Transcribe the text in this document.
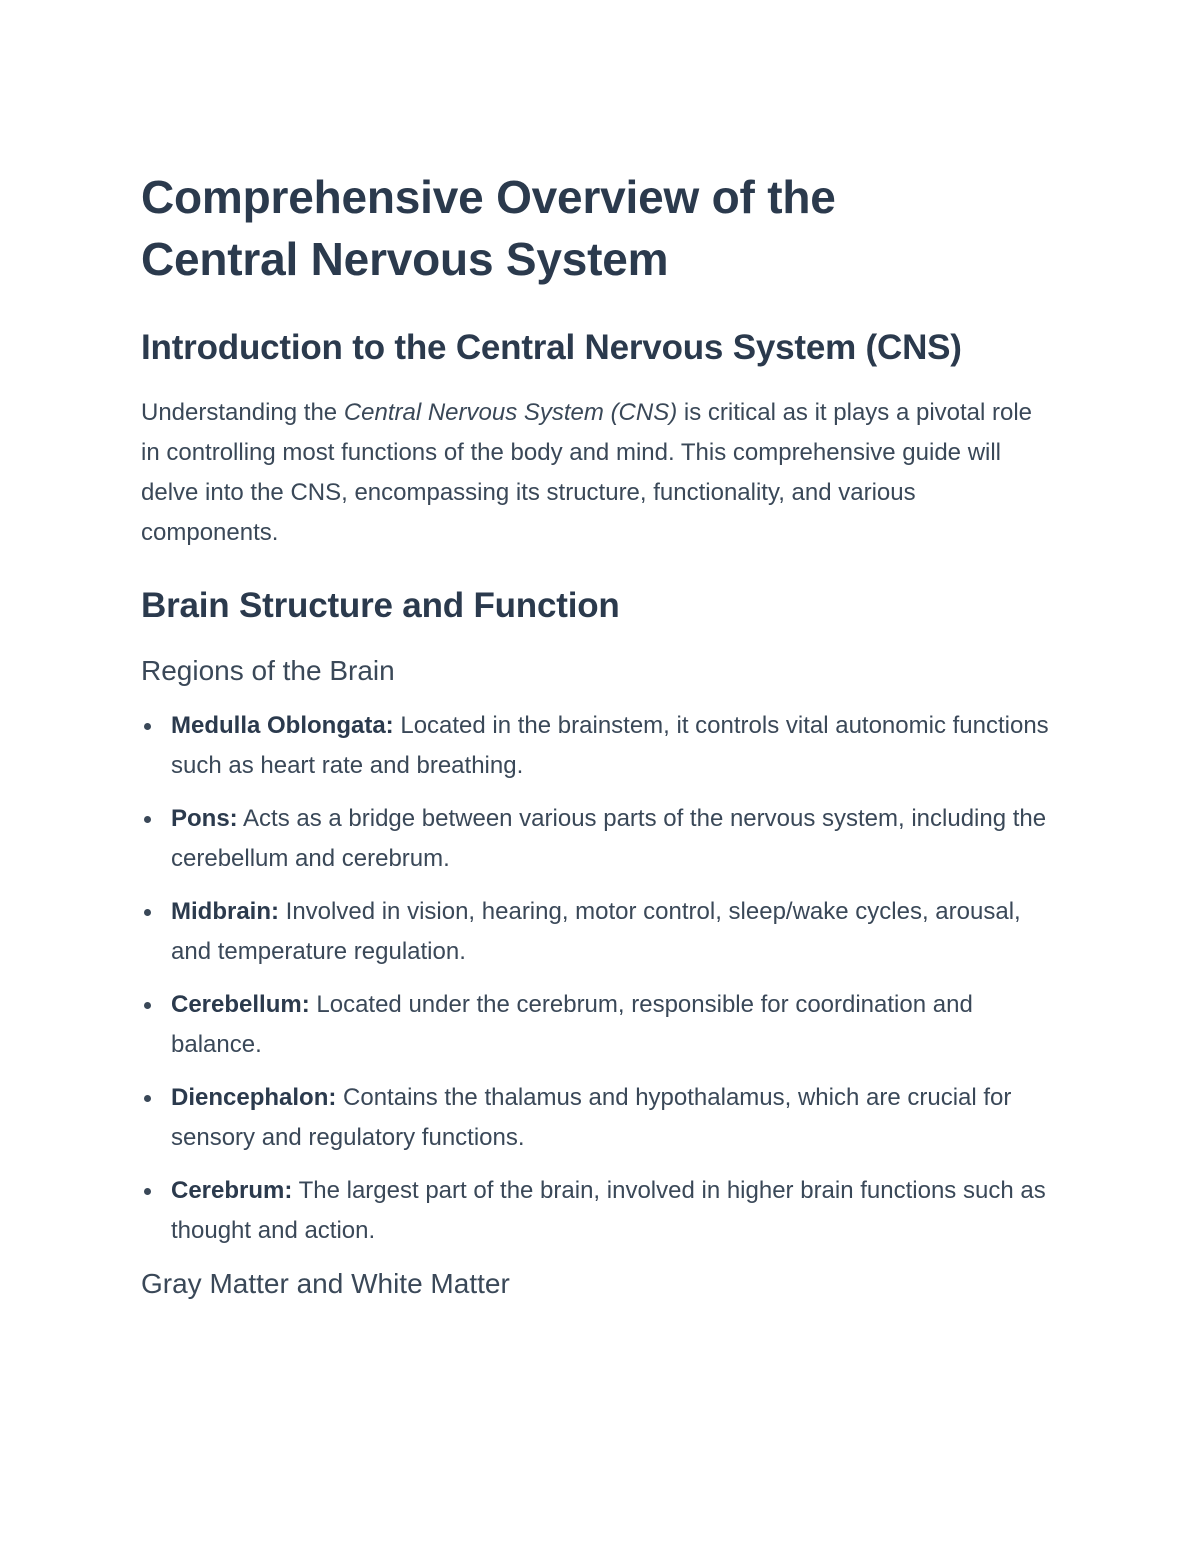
Comprehensive Overview of the Central Nervous System
Introduction to the Central Nervous System (CNS)

Understanding the Central Nervous System (CNS) is critical as it plays a pivotal role in controlling most functions of the body and mind. This comprehensive guide will delve into the CNS, encompassing its structure, functionality, and various components.

Brain Structure and Function
Regions of the Brain
Medulla Oblongata: Located in the brainstem, it controls vital autonomic functions such as heart rate and breathing.
Pons: Acts as a bridge between various parts of the nervous system, including the cerebellum and cerebrum.
Midbrain: Involved in vision, hearing, motor control, sleep/wake cycles, arousal, and temperature regulation.
Cerebellum: Located under the cerebrum, responsible for coordination and balance.
Diencephalon: Contains the thalamus and hypothalamus, which are crucial for sensory and regulatory functions.
Cerebrum: The largest part of the brain, involved in higher brain functions such as thought and action.
Gray Matter and White Matter
